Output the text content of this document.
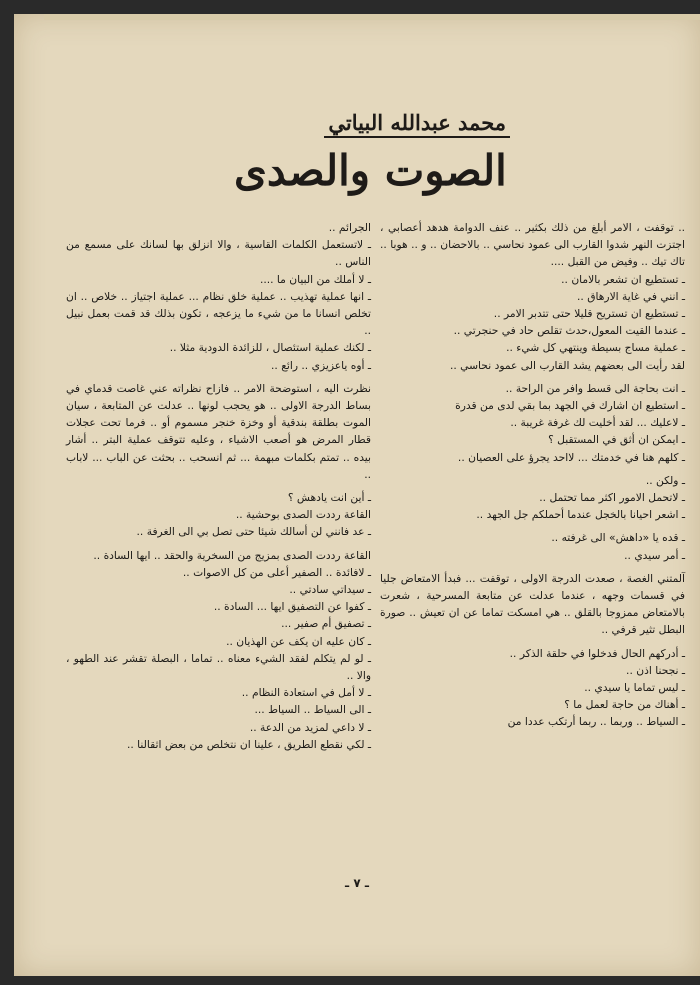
محمد عبدالله البياتي
الصوت والصدى

.. توقفت ، الامر أبلغ من ذلك بكثير .. عنف الدوامة هدهد أعصابي ، اجتزت النهر شدوا القارب الى عمود نحاسي .. بالاحضان .. و .. هوبا .. تاك تيك .. وفيض من القبل ....

ـ تستطيع ان تشعر بالامان ..

ـ انني في غاية الارهاق ..

ـ تستطيع ان تستريح قليلا حتى تتدبر الامر ..

ـ عندما القيت المعول،حدث تقلص حاد في حنجرتي ..

ـ عملية مساج بسيطة وينتهي كل شيء ..

لقد رأيت الى بعضهم يشد القارب الى عمود نحاسي ..

ـ انت بحاجة الى قسط وافر من الراحة ..

ـ استطيع ان اشارك في الجهد بما بقي لدى من قدرة

ـ لاعليك ... لقد أخليت لك غرفة غريبة ..

ـ ايمكن ان أثق في المستقبل ؟

ـ كلهم هنا في خدمتك ... لااحد يجرؤ على العصيان ..

ـ ولكن ..

ـ لاتحمل الامور اكثر مما تحتمل ..

ـ اشعر احيانا بالخجل عندما أحملكم جل الجهد ..

ـ قده يا «داهش» الى غرفته ..

ـ أمر سيدي ..

آلمتني الغصة ، صعدت الدرجة الاولى ، توقفت ... فبدأ الامتعاض جليا في قسمات وجهه ، عندما عدلت عن متابعة المسرحية ، شعرت بالامتعاض ممزوجا بالقلق .. هي امسكت تماما عن ان تعيش .. صورة البطل تثير قرفي ..

ـ أدركهم الحال فدخلوا في حلقة الذكر ..

ـ نجحنا اذن ..

ـ ليس تماما يا سيدي ..

ـ أهناك من حاجة لعمل ما ؟

ـ السياط .. وربما .. ربما أرتكب عددا من

الجرائم ..

ـ لاتستعمل الكلمات القاسية ، والا انزلق بها لسانك على مسمع من الناس ..

ـ لا أملك من البيان ما ....

ـ انها عملية تهذيب .. عملية خلق نظام ... عملية اجتياز .. خلاص .. ان تخلص انسانا ما من شيء ما يزعجه ، تكون بذلك قد قمت بعمل نبيل ..

ـ لكنك عملية استئصال ، للزائدة الدودية مثلا ..

ـ أوه ياعزيزي .. رائع ..

نظرت اليه ، استوضحة الامر .. فازاح نظراته عني غاصت قدماي في بساط الدرجة الاولى .. هو يحجب لونها .. عدلت عن المتابعة ، سيان الموت بطلقة بندقية أو وخزة خنجر مسموم أو .. فرما تحت عجلات قطار المرض هو أصعب الاشياء ، وعليه تتوقف عملية البتر .. أشار بيده .. تمتم بكلمات مبهمة ... ثم انسحب .. بحثت عن الباب ... لاباب ..

ـ أين انت يادهش ؟

القاعة رددت الصدى بوحشية ..

ـ عد فانني لن أسالك شيئا حتى تصل بي الى الغرفة ..

القاعة رددت الصدى بمزيج من السخرية والحقد .. ايها السادة ..

ـ لافائدة .. الصفير أعلى من كل الاصوات ..

ـ سيداتي سادتي ..

ـ كفوا عن التصفيق ايها ... السادة ..

ـ تصفيق أم صفير ...

ـ كان عليه ان يكف عن الهذيان ..

ـ لو لم يتكلم لفقد الشيء معناه .. تماما ، البصلة تقشر عند الطهو ، والا ..

ـ لا أمل في استعادة النظام ..

ـ الى السياط .. السياط ...

ـ لا داعي لمزيد من الدعة ..

ـ لكي نقطع الطريق ، علينا ان نتخلص من بعض اثقالنا ..

ـ ٧ ـ
